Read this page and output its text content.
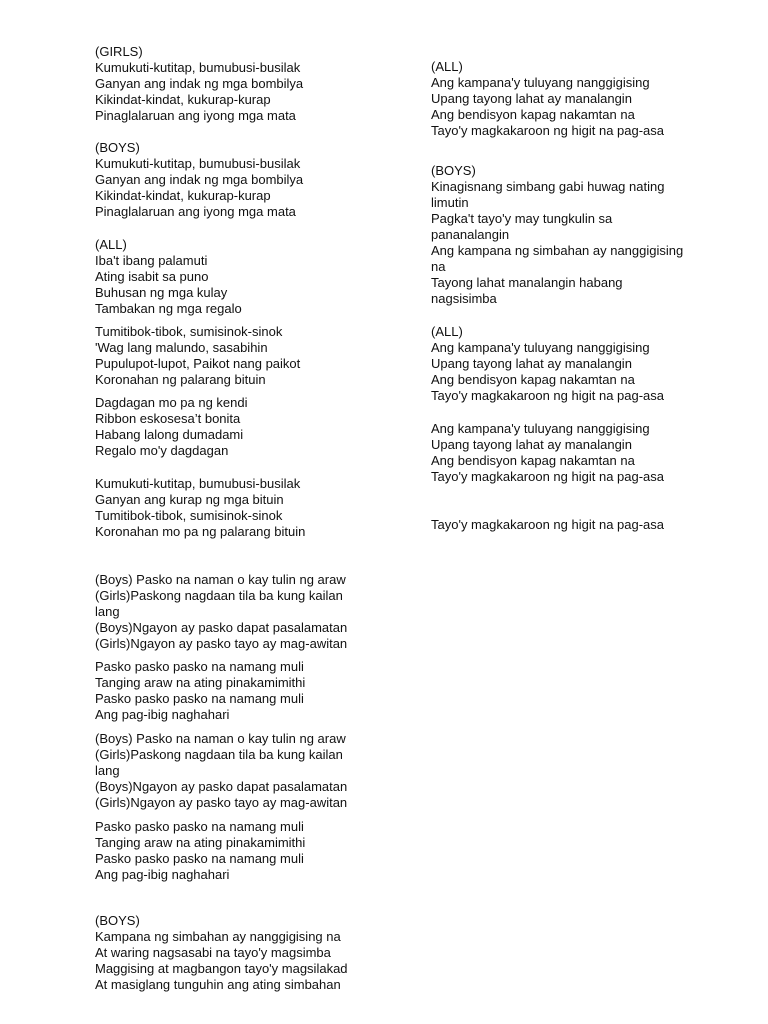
(GIRLS)
Kumukuti-kutitap, bumubusi-busilak
Ganyan ang indak ng mga bombilya
Kikindat-kindat, kukurap-kurap
Pinaglalaruan ang iyong mga mata
(BOYS)
Kumukuti-kutitap, bumubusi-busilak
Ganyan ang indak ng mga bombilya
Kikindat-kindat, kukurap-kurap
Pinaglalaruan ang iyong mga mata
(ALL)
Iba't ibang palamuti
Ating isabit sa puno
Buhusan ng mga kulay
Tambakan ng mga regalo
Tumitibok-tibok, sumisinok-sinok
'Wag lang malundo, sasabihin
Pupulupot-lupot, Paikot nang paikot
Koronahan ng palarang bituin
Dagdagan mo pa ng kendi
Ribbon eskosesa’t bonita
Habang lalong dumadami
Regalo mo'y dagdagan
Kumukuti-kutitap, bumubusi-busilak
Ganyan ang kurap ng mga bituin
Tumitibok-tibok, sumisinok-sinok
Koronahan mo pa ng palarang bituin
(Boys) Pasko na naman o kay tulin ng araw
(Girls)Paskong nagdaan tila ba kung kailan
lang
(Boys)Ngayon ay pasko dapat pasalamatan
(Girls)Ngayon ay pasko tayo ay mag-awitan
Pasko pasko pasko na namang muli
Tanging araw na ating pinakamimithi
Pasko pasko pasko na namang muli
Ang pag-ibig naghahari
(Boys) Pasko na naman o kay tulin ng araw
(Girls)Paskong nagdaan tila ba kung kailan
lang
(Boys)Ngayon ay pasko dapat pasalamatan
(Girls)Ngayon ay pasko tayo ay mag-awitan
Pasko pasko pasko na namang muli
Tanging araw na ating pinakamimithi
Pasko pasko pasko na namang muli
Ang pag-ibig naghahari
(BOYS)
Kampana ng simbahan ay nanggigising na
At waring nagsasabi na tayo'y magsimba
Maggising at magbangon tayo'y magsilakad
At masiglang tunguhin ang ating simbahan
(ALL)
Ang kampana'y tuluyang nanggigising
Upang tayong lahat ay manalangin
Ang bendisyon kapag nakamtan na
Tayo'y magkakaroon ng higit na pag-asa
(BOYS)
Kinagisnang simbang gabi huwag nating
limutin
Pagka't tayo'y may tungkulin sa
pananalangin
Ang kampana ng simbahan ay nanggigising
na
Tayong lahat manalangin habang
nagsisimba
(ALL)
Ang kampana'y tuluyang nanggigising
Upang tayong lahat ay manalangin
Ang bendisyon kapag nakamtan na
Tayo'y magkakaroon ng higit na pag-asa
Ang kampana'y tuluyang nanggigising
Upang tayong lahat ay manalangin
Ang bendisyon kapag nakamtan na
Tayo'y magkakaroon ng higit na pag-asa
Tayo'y magkakaroon ng higit na pag-asa
